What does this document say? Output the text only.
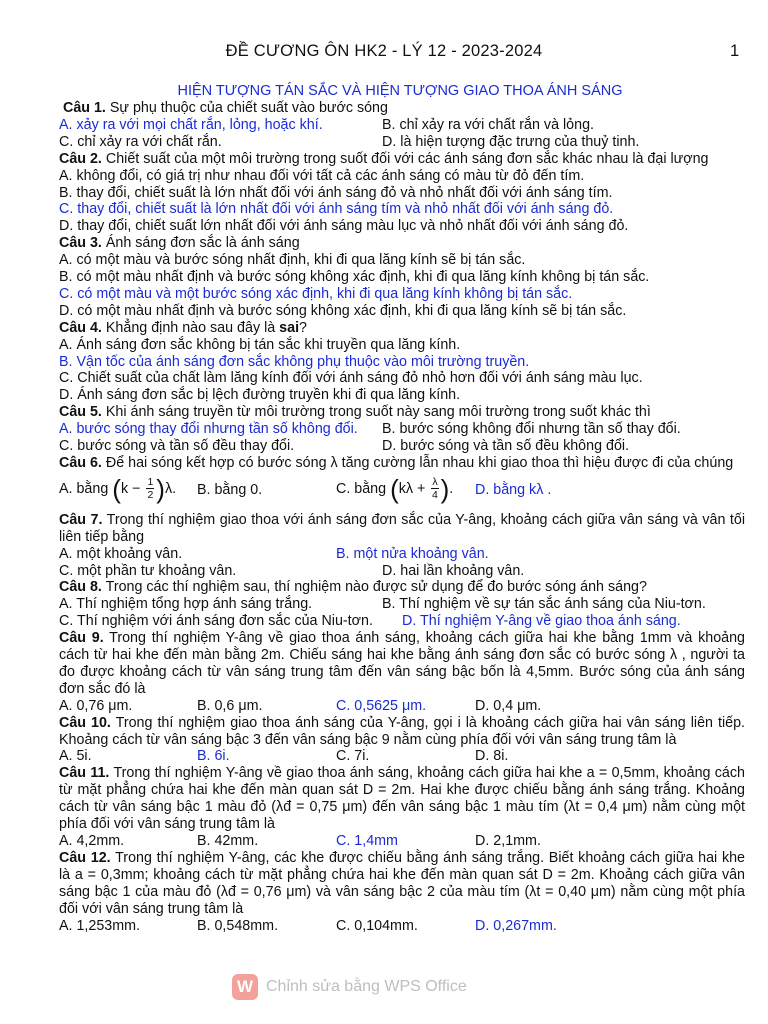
ĐỀ CƯƠNG ÔN HK2 - LÝ 12 - 2023-2024	1
HIỆN TƯỢNG TÁN SẮC VÀ HIỆN TƯỢNG GIAO THOA ÁNH SÁNG

Câu 1. Sự phụ thuộc của chiết suất vào bước sóng

A. xảy ra với mọi chất rắn, lỏng, hoặc khí.	B. chỉ xảy ra với chất rắn và lỏng.
C. chỉ xảy ra với chất rắn.	D. là hiện tượng đặc trưng của thuỷ tinh.

Câu 2. Chiết suất của một môi trường trong suốt đối với các ánh sáng đơn sắc khác nhau là đại lượng

A. không đổi, có giá trị như nhau đối với tất cả các ánh sáng có màu từ đỏ đến tím.

B. thay đổi, chiết suất là lớn nhất đối với ánh sáng đỏ và nhỏ nhất đối với ánh sáng tím.

C. thay đổi, chiết suất là lớn nhất đối với ánh sáng tím và nhỏ nhất đối với ánh sáng đỏ.

D. thay đổi, chiết suất lớn nhất đối với ánh sáng màu lục và nhỏ nhất đối với ánh sáng đỏ.

Câu 3. Ánh sáng đơn sắc là ánh sáng

A. có một màu và bước sóng nhất định, khi đi qua lăng kính sẽ bị tán sắc.

B. có một màu nhất định và bước sóng không xác định, khi đi qua lăng kính không bị tán sắc.

C. có một màu và một bước sóng xác định, khi đi qua lăng kính không bị tán sắc.

D. có một màu nhất định và bước sóng không xác định, khi đi qua lăng kính sẽ bị tán sắc.

Câu 4. Khẳng định nào sau đây là sai?

A. Ánh sáng đơn sắc không bị tán sắc khi truyền qua lăng kính.

B. Vận tốc của ánh sáng đơn sắc không phụ thuộc vào môi trường truyền.

C. Chiết suất của chất làm lăng kính đối với ánh sáng đỏ nhỏ hơn đối với ánh sáng màu lục.

D. Ánh sáng đơn sắc bị lệch đường truyền khi đi qua lăng kính.

Câu 5. Khi ánh sáng truyền từ môi trường trong suốt này sang môi trường trong suốt khác thì

A. bước sóng thay đổi nhưng tần số không đổi. B. bước sóng không đổi nhưng tần số thay đổi.
C. bước sóng và tần số đều thay đổi.	D. bước sóng và tần số đều không đổi.

Câu 6. Để hai sóng kết hợp có bước sóng λ tăng cường lẫn nhau khi giao thoa thì hiệu được đi của chúng

A. bằng $(k - \frac{1}{2} )\lambda$. B. bằng 0.	C. bằng ($k\lambda + \frac{\lambda}{4}$ ). D. bằng kλ .

Câu 7. Trong thí nghiệm giao thoa với ánh sáng đơn sắc của Y-âng, khoảng cách giữa vân sáng và vân tối liên tiếp bằng

A. một khoảng vân.	B. một nửa khoảng vân.
C. một phần tư khoảng vân.	D. hai lần khoảng vân.

Câu 8. Trong các thí nghiệm sau, thí nghiệm nào được sử dụng để đo bước sóng ánh sáng?

A. Thí nghiệm tổng hợp ánh sáng trắng.	B. Thí nghiệm về sự tán sắc ánh sáng của Niu-tơn.
C. Thí nghiệm với ánh sáng đơn sắc của Niu-tơn. D. Thí nghiệm Y-âng về giao thoa ánh sáng.

Câu 9. Trong thí nghiệm Y-âng về giao thoa ánh sáng, khoảng cách giữa hai khe bằng 1mm và khoảng cách từ hai khe đến màn bằng 2m. Chiếu sáng hai khe bằng ánh sáng đơn sắc có bước sóng λ , người ta đo được khoảng cách từ vân sáng trung tâm đến vân sáng bậc bốn là 4,5mm. Bước sóng của ánh sáng đơn sắc đó là

A. 0,76 μm.	B. 0,6 μm.	C. 0,5625 μm.	D. 0,4 μm.

Câu 10. Trong thí nghiệm giao thoa ánh sáng của Y-âng, gọi i là khoảng cách giữa hai vân sáng liên tiếp. Khoảng cách từ vân sáng bậc 3 đến vân sáng bậc 9 nằm cùng phía đối với vân sáng trung tâm là

A. 5i.	B. 6i.	C. 7i.	D. 8i.

Câu 11. Trong thí nghiệm Y-âng về giao thoa ánh sáng, khoảng cách giữa hai khe a = 0,5mm, khoảng cách từ mặt phẳng chứa hai khe đến màn quan sát D = 2m. Hai khe được chiếu bằng ánh sáng trắng. Khoảng cách từ vân sáng bậc 1 màu đỏ (λđ = 0,75 μm) đến vân sáng bậc 1 màu tím (λt = 0,4 μm) nằm cùng một phía đối với vân sáng trung tâm là

A. 4,2mm.	B. 42mm.	C. 1,4mm	D. 2,1mm.

Câu 12. Trong thí nghiệm Y-âng, các khe được chiếu bằng ánh sáng trắng. Biết khoảng cách giữa hai khe là a = 0,3mm; khoảng cách từ mặt phẳng chứa hai khe đến màn quan sát D = 2m. Khoảng cách giữa vân sáng bậc 1 của màu đỏ (λđ = 0,76 μm) và vân sáng bậc 2 của màu tím (λt = 0,40 μm) nằm cùng một phía đối với vân sáng trung tâm là

A. 1,253mm.	B. 0,548mm.	C. 0,104mm.	D. 0,267mm.
W Chỉnh sửa bằng WPS Office
